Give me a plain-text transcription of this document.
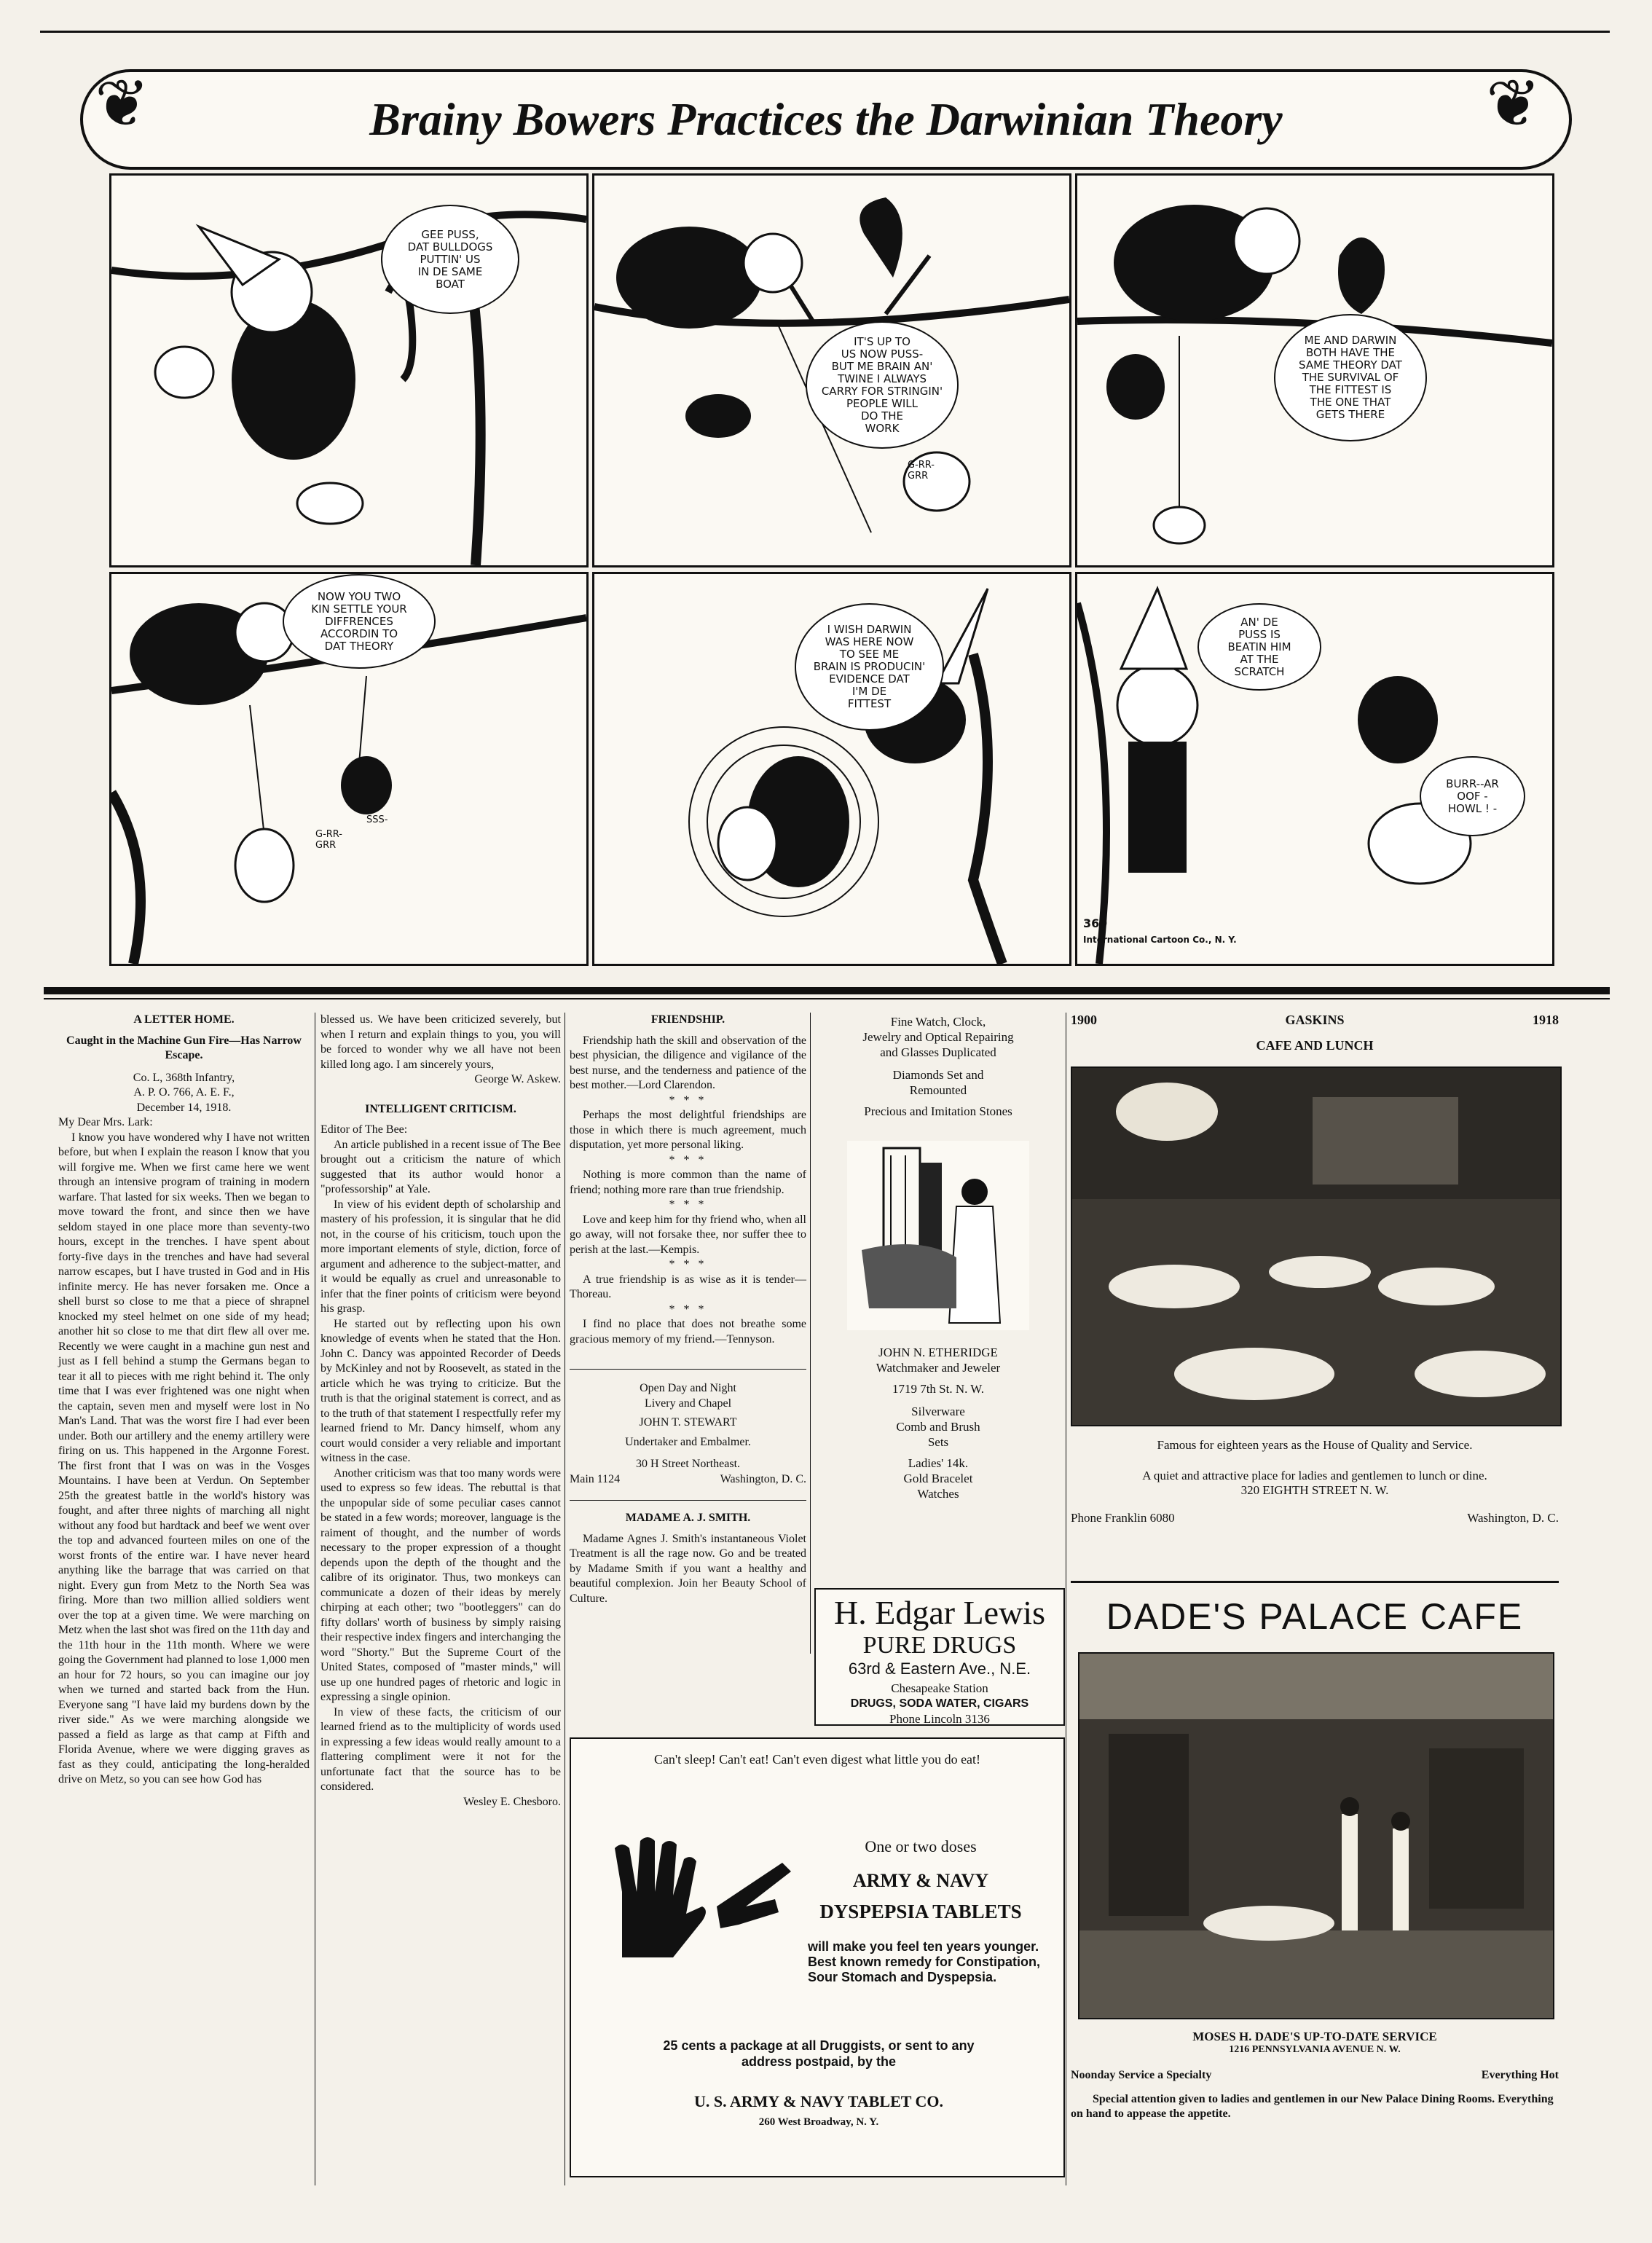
Brainy Bowers Practices the Darwinian Theory
❦	❦
GEE PUSS,
DAT BULLDOGS
PUTTIN' US
IN DE SAME
BOAT
IT'S UP TO
US NOW PUSS-
BUT ME BRAIN AN'
TWINE I ALWAYS
CARRY FOR STRINGIN'
PEOPLE WILL
DO THE
WORK
G-RR-
GRR
ME AND DARWIN
BOTH HAVE THE
SAME THEORY DAT
THE SURVIVAL OF
THE FITTEST IS
THE ONE THAT
GETS THERE
NOW YOU TWO
KIN SETTLE YOUR
DIFFRENCES
ACCORDIN TO
DAT THEORY
G-RR-
GRR
SSS-
I WISH DARWIN
WAS HERE NOW
TO SEE ME
BRAIN IS PRODUCIN'
EVIDENCE DAT
I'M DE
FITTEST
AN' DE
PUSS IS
BEATIN HIM
AT THE
SCRATCH
BURR--AR
OOF -
HOWL ! -
369
International Cartoon Co., N. Y.
A LETTER HOME.
Caught in the Machine Gun Fire—Has Narrow Escape.
Co. L, 368th Infantry,
A. P. O. 766, A. E. F.,
December 14, 1918.
My Dear Mrs. Lark:

I know you have wondered why I have not written before, but when I explain the reason I know that you will forgive me. When we first came here we went through an intensive program of training in modern warfare. That lasted for six weeks. Then we began to move toward the front, and since then we have seldom stayed in one place more than seventy-two hours, except in the trenches. I have spent about forty-five days in the trenches and have had several narrow escapes, but I have trusted in God and in His infinite mercy. He has never forsaken me. Once a shell burst so close to me that a piece of shrapnel knocked my steel helmet on one side of my head; another hit so close to me that dirt flew all over me. Recently we were caught in a machine gun nest and just as I fell behind a stump the Germans began to tear it all to pieces with me right behind it. The only time that I was ever frightened was one night when the captain, seven men and myself were lost in No Man's Land. That was the worst fire I had ever been under. Both our artillery and the enemy artillery were firing on us. This happened in the Argonne Forest. The first front that I was on was in the Vosges Mountains. I have been at Verdun. On September 25th the greatest battle in the world's history was fought, and after three nights of marching all night without any food but hardtack and beef we went over the top and advanced fourteen miles on one of the worst fronts of the entire war. I have never heard anything like the barrage that was carried on that night. Every gun from Metz to the North Sea was firing. More than two million allied soldiers went over the top at a given time. We were marching on Metz when the last shot was fired on the 11th day and the 11th hour in the 11th month. Where we were going the Government had planned to lose 1,000 men an hour for 72 hours, so you can imagine our joy when we turned and started back from the Hun. Everyone sang "I have laid my burdens down by the river side." As we were marching alongside we passed a field as large as that camp at Fifth and Florida Avenue, where we were digging graves as fast as they could, anticipating the long-heralded drive on Metz, so you can see how God has

blessed us. We have been criticized severely, but when I return and explain things to you, you will be forced to wonder why we all have not been killed long ago. I am sincerely yours,

George W. Askew.
INTELLIGENT CRITICISM.
Editor of The Bee:

An article published in a recent issue of The Bee brought out a criticism the nature of which suggested that its author would honor a "professorship" at Yale.

In view of his evident depth of scholarship and mastery of his profession, it is singular that he did not, in the course of his criticism, touch upon the more important elements of style, diction, force of argument and adherence to the subject-matter, and it would be equally as cruel and unreasonable to infer that the finer points of criticism were beyond his grasp.

He started out by reflecting upon his own knowledge of events when he stated that the Hon. John C. Dancy was appointed Recorder of Deeds by McKinley and not by Roosevelt, as stated in the article which he was trying to criticize. But the truth is that the original statement is correct, and as to the truth of that statement I respectfully refer my learned friend to Mr. Dancy himself, whom any court would consider a very reliable and important witness in the case.

Another criticism was that too many words were used to express so few ideas. The rebuttal is that the unpopular side of some peculiar cases cannot be stated in a few words; moreover, language is the raiment of thought, and the number of words necessary to the proper expression of a thought depends upon the depth of the thought and the calibre of its originator. Thus, two monkeys can communicate a dozen of their ideas by merely chirping at each other; two "bootleggers" can do fifty dollars' worth of business by simply raising their respective index fingers and interchanging the word "Shorty." But the Supreme Court of the United States, composed of "master minds," will use up one hundred pages of rhetoric and logic in expressing a single opinion.

In view of these facts, the criticism of our learned friend as to the multiplicity of words used in expressing a few ideas would really amount to a flattering compliment were it not for the unfortunate fact that the source has to be considered.

Wesley E. Chesboro.
FRIENDSHIP.

Friendship hath the skill and observation of the best physician, the diligence and vigilance of the best nurse, and the tenderness and patience of the best mother.—Lord Clarendon.

* * *

Perhaps the most delightful friendships are those in which there is much agreement, much disputation, yet more personal liking.

* * *

Nothing is more common than the name of friend; nothing more rare than true friendship.

* * *

Love and keep him for thy friend who, when all go away, will not forsake thee, nor suffer thee to perish at the last.—Kempis.

* * *

A true friendship is as wise as it is tender—Thoreau.

* * *

I find no place that does not breathe some gracious memory of my friend.—Tennyson.

Open Day and Night
Livery and Chapel
JOHN T. STEWART
Undertaker and Embalmer.
30 H Street Northeast.
Main 1124	Washington, D. C.
MADAME A. J. SMITH.

Madame Agnes J. Smith's instantaneous Violet Treatment is all the rage now. Go and be treated by Madame Smith if you want a healthy and beautiful complexion. Join her Beauty School of Culture.

Fine Watch, Clock,
Jewelry and Optical Repairing
and Glasses Duplicated
Diamonds Set and
Remounted
Precious and Imitation Stones
JOHN N. ETHERIDGE
Watchmaker and Jeweler
1719 7th St. N. W.
Silverware
Comb and Brush
Sets
Ladies' 14k.
Gold Bracelet
Watches
H. Edgar Lewis
PURE DRUGS
63rd & Eastern Ave., N.E.
Chesapeake Station
DRUGS, SODA WATER, CIGARS
Phone Lincoln 3136
Can't sleep! Can't eat! Can't even digest what little you do eat!
One or two doses
ARMY & NAVY
DYSPEPSIA TABLETS
will make you feel ten years younger. Best known remedy for Constipation, Sour Stomach and Dyspepsia.
25 cents a package at all Druggists, or sent to any address postpaid, by the
U. S. ARMY & NAVY TABLET CO.
260 West Broadway, N. Y.
1900	GASKINS	1918
CAFE AND LUNCH
Famous for eighteen years as the House of Quality and Service.
A quiet and attractive place for ladies and gentlemen to lunch or dine.
320 EIGHTH STREET N. W.
Phone Franklin 6080	Washington, D. C.
DADE'S PALACE CAFE
MOSES H. DADE'S UP-TO-DATE SERVICE
1216 PENNSYLVANIA AVENUE N. W.
Noonday Service a Specialty	Everything Hot
Special attention given to ladies and gentlemen in our New Palace Dining Rooms. Everything on hand to appease the appetite.
